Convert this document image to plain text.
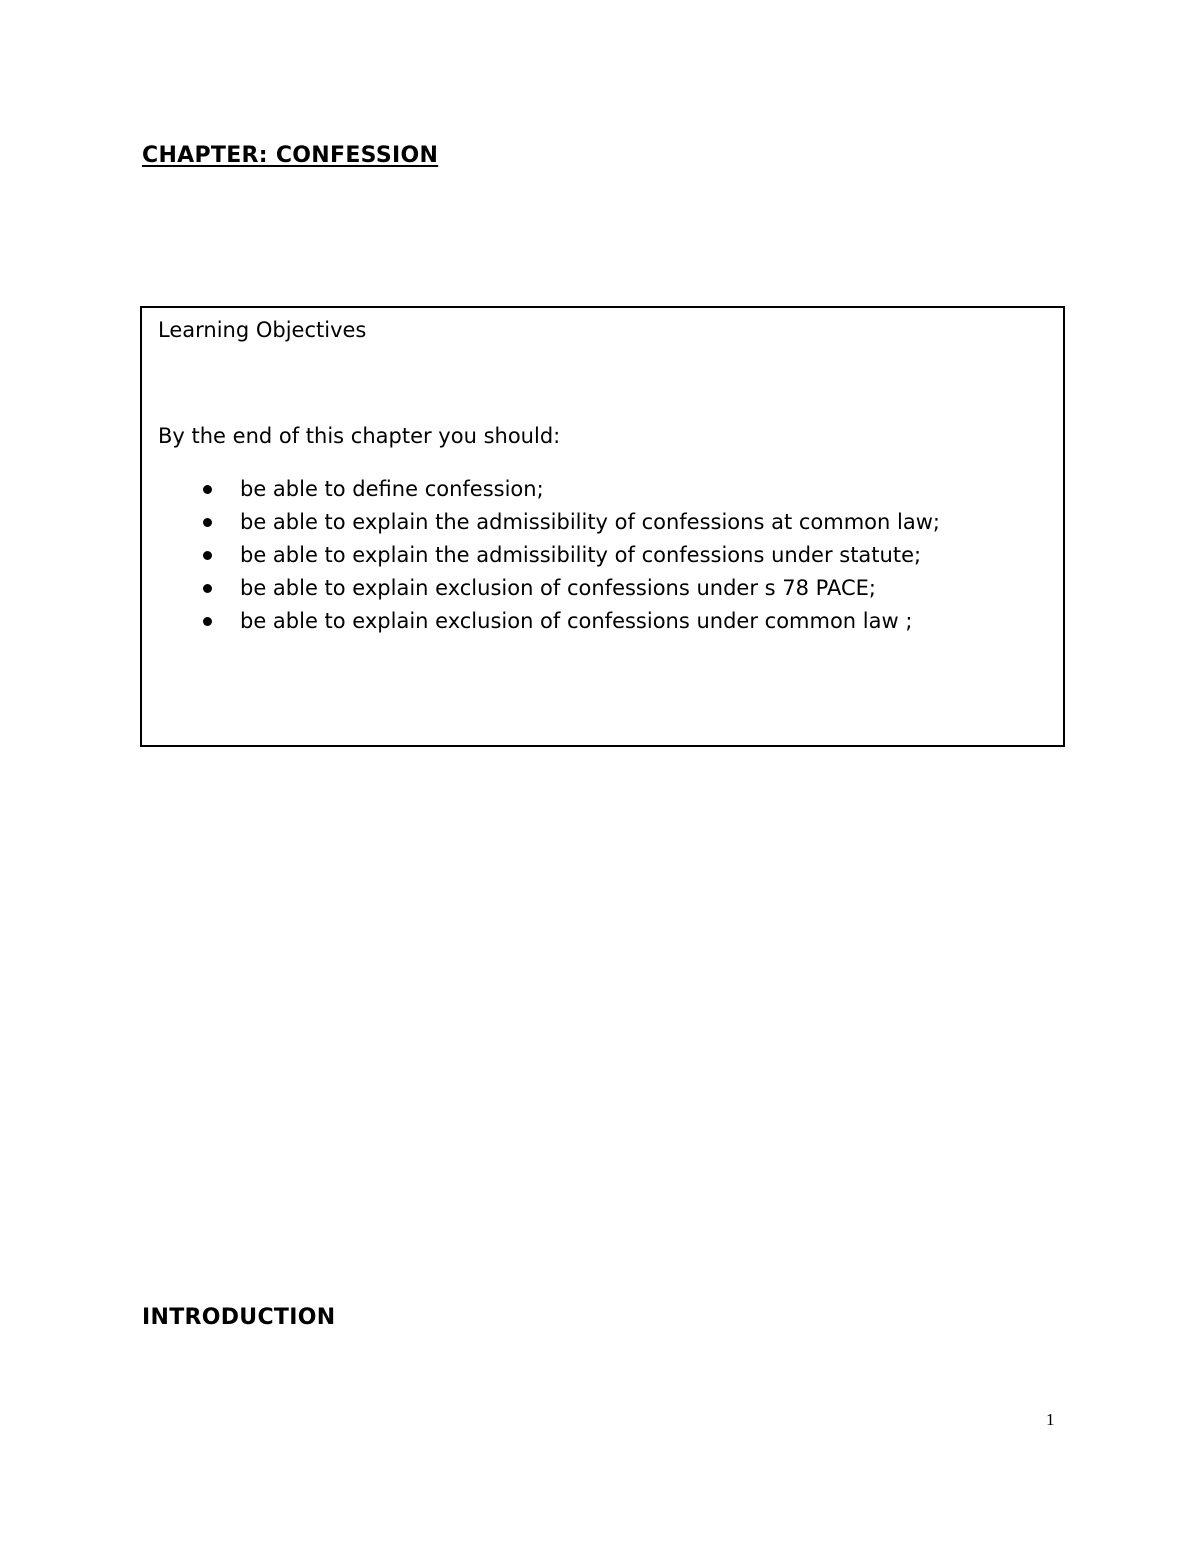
CHAPTER: CONFESSION
Learning Objectives
By the end of this chapter you should:
be able to define confession;
be able to explain the admissibility of confessions at common law;
be able to explain the admissibility of confessions under statute;
be able to explain exclusion of confessions under s 78 PACE;
be able to explain exclusion of confessions under common law ;
INTRODUCTION
1
